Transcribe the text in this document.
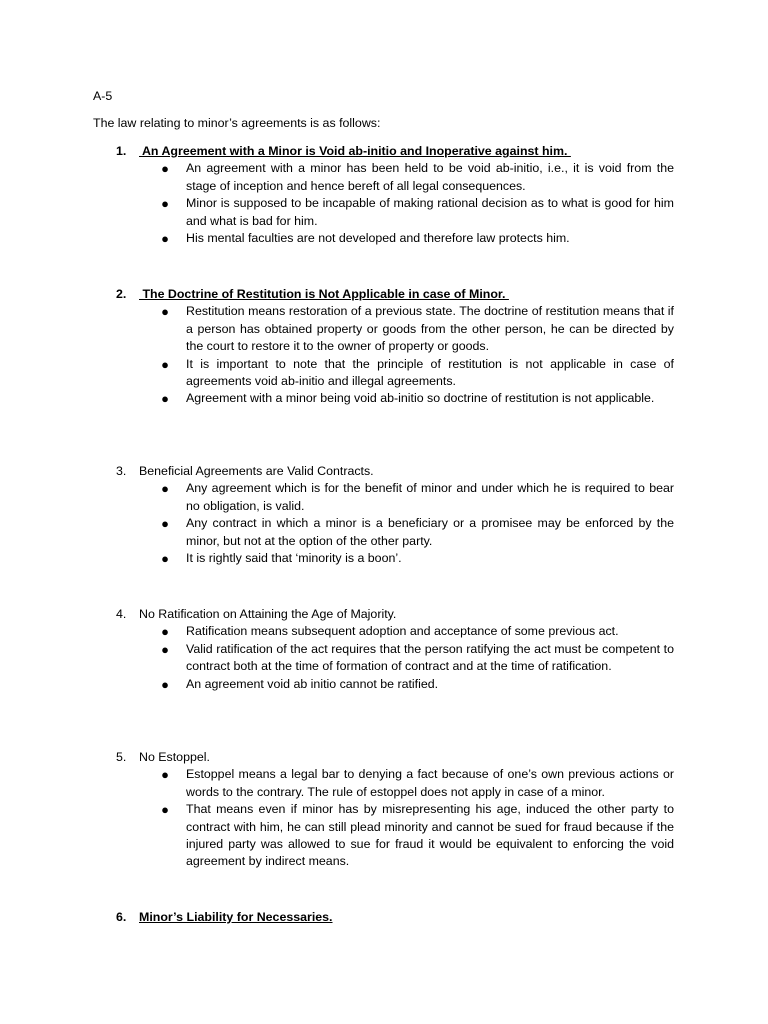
A-5
The law relating to minor’s agreements is as follows:
1. An Agreement with a Minor is Void ab-initio and Inoperative against him.
● An agreement with a minor has been held to be void ab-initio, i.e., it is void from the stage of inception and hence bereft of all legal consequences.
● Minor is supposed to be incapable of making rational decision as to what is good for him and what is bad for him.
● His mental faculties are not developed and therefore law protects him.
2. The Doctrine of Restitution is Not Applicable in case of Minor.
● Restitution means restoration of a previous state. The doctrine of restitution means that if a person has obtained property or goods from the other person, he can be directed by the court to restore it to the owner of property or goods.
● It is important to note that the principle of restitution is not applicable in case of agreements void ab-initio and illegal agreements.
● Agreement with a minor being void ab-initio so doctrine of restitution is not applicable.
3. Beneficial Agreements are Valid Contracts.
● Any agreement which is for the benefit of minor and under which he is required to bear no obligation, is valid.
● Any contract in which a minor is a beneficiary or a promisee may be enforced by the minor, but not at the option of the other party.
● It is rightly said that ‘minority is a boon’.
4. No Ratification on Attaining the Age of Majority.
● Ratification means subsequent adoption and acceptance of some previous act.
● Valid ratification of the act requires that the person ratifying the act must be competent to contract both at the time of formation of contract and at the time of ratification.
● An agreement void ab initio cannot be ratified.
5. No Estoppel.
● Estoppel means a legal bar to denying a fact because of one’s own previous actions or words to the contrary. The rule of estoppel does not apply in case of a minor.
● That means even if minor has by misrepresenting his age, induced the other party to contract with him, he can still plead minority and cannot be sued for fraud because if the injured party was allowed to sue for fraud it would be equivalent to enforcing the void agreement by indirect means.
6. Minor’s Liability for Necessaries.
